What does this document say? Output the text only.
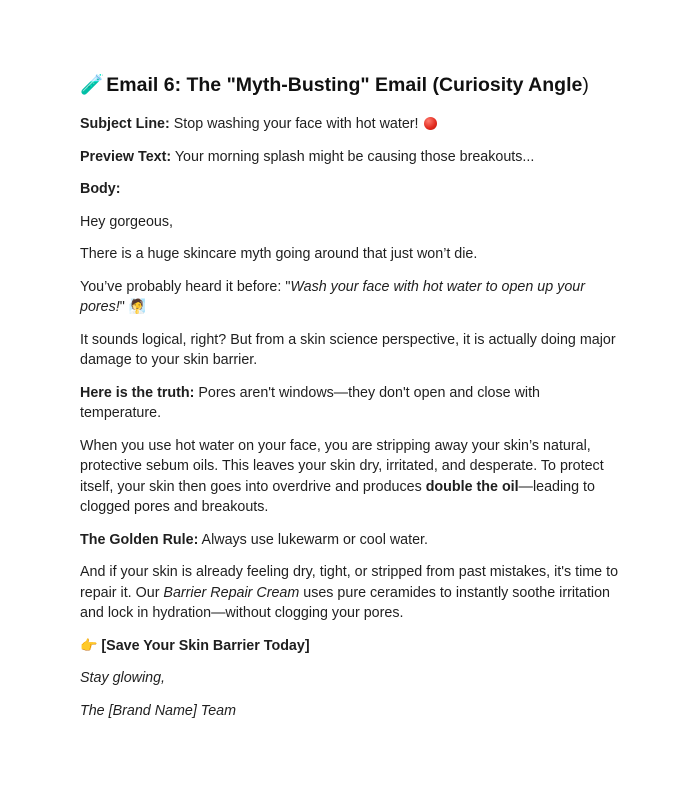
🧪 Email 6: The "Myth-Busting" Email (Curiosity Angle)

Subject Line: Stop washing your face with hot water!

Preview Text: Your morning splash might be causing those breakouts...

Body:

Hey gorgeous,

There is a huge skincare myth going around that just won’t die.

You’ve probably heard it before: "Wash your face with hot water to open up your pores!" 🧖

It sounds logical, right? But from a skin science perspective, it is actually doing major damage to your skin barrier.

Here is the truth: Pores aren't windows—they don't open and close with temperature.

When you use hot water on your face, you are stripping away your skin’s natural, protective sebum oils. This leaves your skin dry, irritated, and desperate. To protect itself, your skin then goes into overdrive and produces double the oil—leading to clogged pores and breakouts.

The Golden Rule: Always use lukewarm or cool water.

And if your skin is already feeling dry, tight, or stripped from past mistakes, it's time to repair it. Our Barrier Repair Cream uses pure ceramides to instantly soothe irritation and lock in hydration—without clogging your pores.

👉 [Save Your Skin Barrier Today]

Stay glowing,

The [Brand Name] Team
